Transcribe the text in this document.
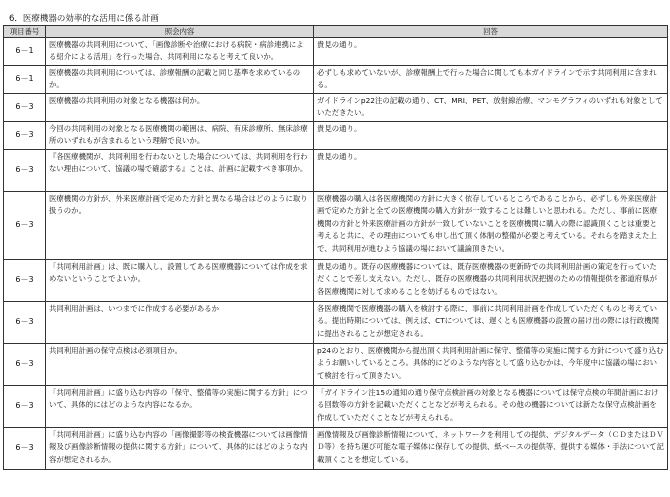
6．医療機器の効率的な活用に係る計画
項目番号	照会内容	回答
6－1	医療機器の共同利用について、「画像診断や治療における病院・病診連携による紹介による活用」を行った場合、共同利用になると考えて良いか。	貴見の通り。
6－1	医療機器の共同利用については、診療報酬の記載と同じ基準を求めているのか。	必ずしも求めていないが、診療報酬上で行った場合に関しても本ガイドラインで示す共同利用に含まれる。
6－3	医療機器の共同利用の対象となる機器は何か。	ガイドラインp22注の記載の通り、CT、MRI、PET、放射線治療、マンモグラフィのいずれも対象としていただきたい。
6－3	今回の共同利用の対象となる医療機関の範囲は、病院、有床診療所、無床診療所のいずれもが含まれるという理解で良いか。	貴見の通り。
6－3	『各医療機関が、共同利用を行わないとした場合については、共同利用を行わない理由について、協議の場で確認する』ことは、計画に記載すべき事項か。	貴見の通り。
6－3	医療機関の方針が、外来医療計画で定めた方針と異なる場合はどのように取り扱うのか。	医療機器の購入は各医療機関の方針に大きく依存しているところであることから、必ずしも外来医療計画で定めた方針と全ての医療機関の購入方針が一致することは難しいと思われる。ただし、事前に医療機関の方針と外来医療計画の方針が一致していないことを医療機関に購入の際に認識頂くことは重要と考えると共に、その理由についても申し出て頂く体制の整備が必要と考えている。それらを踏まえた上で、共同利用が進むよう協議の場において議論頂きたい。
6－3	「共同利用計画」は、既に購入し、設置してある医療機器については作成を求めないということでよいか。	貴見の通り。既存の医療機器については、既存医療機器の更新時での共同利用計画の策定を行っていただくことで差し支えない。ただし、既存の医療機器の共同利用状況把握のための情報提供を都道府県が各医療機関に対して求めることを妨げるものではない。
6－3	共同利用計画は、いつまでに作成する必要があるか	各医療機関で医療機器の購入を検討する際に、事前に共同利用計画を作成していただくものと考えている。提出時期については、例えば、CTについては、遅くとも医療機器の設置の届け出の際には行政機関に提出されることが想定される。
6－3	共同利用計画の保守点検は必須項目か。	p24のとおり、医療機関から提出頂く共同利用計画に保守、整備等の実施に関する方針について盛り込むようお願いしているところ。具体的にどのような内容として盛り込むかは、今年度中に協議の場において検討を行って頂きたい。
6－3	「共同利用計画」に盛り込む内容の「保守、整備等の実施に関する方針」について、具体的にはどのような内容になるか。	「ガイドライン注15の通知の通り保守点検計画の対象となる機器については保守点検の年間計画における回数等の方針を記載いただくことなどが考えられる。その他の機器については新たな保守点検計画を作成していただくことなどが考えられる。
6－3	「共同利用計画」に盛り込む内容の「画像撮影等の検査機器については画像情報及び画像診断情報の提供に関する方針」について、具体的にはどのような内容が想定されるか。	画像情報及び画像診断情報について、ネットワークを利用しての提供、デジタルデータ（ＣＤまたはＤＶＤ等）を持ち運び可能な電子媒体に保存しての提供、紙ベースの提供等、提供する媒体・手法について記載頂くことを想定している。
